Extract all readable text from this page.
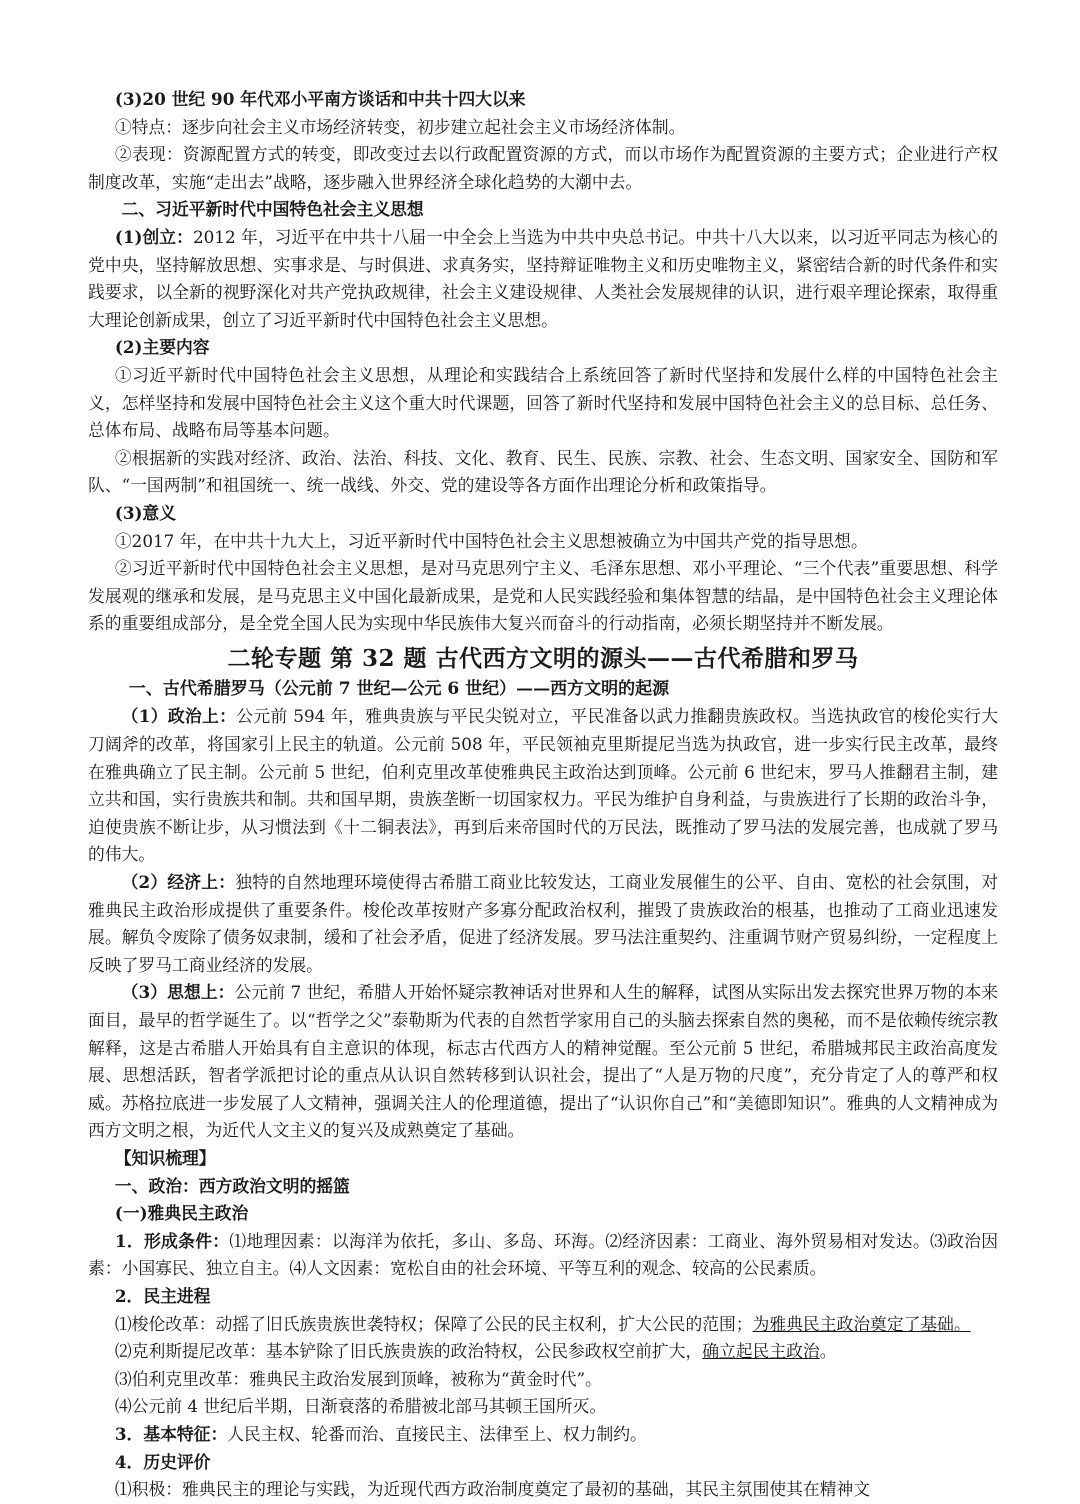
(3)20 世纪 90 年代邓小平南方谈话和中共十四大以来

①特点：逐步向社会主义市场经济转变，初步建立起社会主义市场经济体制。

②表现：资源配置方式的转变，即改变过去以行政配置资源的方式，而以市场作为配置资源的主要方式；企业进行产权制度改革，实施“走出去”战略，逐步融入世界经济全球化趋势的大潮中去。

二、习近平新时代中国特色社会主义思想

(1)创立：2012 年，习近平在中共十八届一中全会上当选为中共中央总书记。中共十八大以来，以习近平同志为核心的党中央，坚持解放思想、实事求是、与时俱进、求真务实，坚持辩证唯物主义和历史唯物主义，紧密结合新的时代条件和实践要求，以全新的视野深化对共产党执政规律，社会主义建设规律、人类社会发展规律的认识，进行艰辛理论探索，取得重大理论创新成果，创立了习近平新时代中国特色社会主义思想。

(2)主要内容

①习近平新时代中国特色社会主义思想，从理论和实践结合上系统回答了新时代坚持和发展什么样的中国特色社会主义，怎样坚持和发展中国特色社会主义这个重大时代课题，回答了新时代坚持和发展中国特色社会主义的总目标、总任务、总体布局、战略布局等基本问题。

②根据新的实践对经济、政治、法治、科技、文化、教育、民生、民族、宗教、社会、生态文明、国家安全、国防和军队、“一国两制”和祖国统一、统一战线、外交、党的建设等各方面作出理论分析和政策指导。

(3)意义

①2017 年，在中共十九大上，习近平新时代中国特色社会主义思想被确立为中国共产党的指导思想。

②习近平新时代中国特色社会主义思想，是对马克思列宁主义、毛泽东思想、邓小平理论、“三个代表”重要思想、科学发展观的继承和发展，是马克思主义中国化最新成果，是党和人民实践经验和集体智慧的结晶，是中国特色社会主义理论体系的重要组成部分，是全党全国人民为实现中华民族伟大复兴而奋斗的行动指南，必须长期坚持并不断发展。

二轮专题 第 32 题 古代西方文明的源头——古代希腊和罗马

一、古代希腊罗马（公元前 7 世纪—公元 6 世纪）——西方文明的起源

（1）政治上：公元前 594 年，雅典贵族与平民尖锐对立，平民准备以武力推翻贵族政权。当选执政官的梭伦实行大刀阔斧的改革，将国家引上民主的轨道。公元前 508 年，平民领袖克里斯提尼当选为执政官，进一步实行民主改革，最终在雅典确立了民主制。公元前 5 世纪，伯利克里改革使雅典民主政治达到顶峰。公元前 6 世纪末，罗马人推翻君主制，建立共和国，实行贵族共和制。共和国早期，贵族垄断一切国家权力。平民为维护自身利益，与贵族进行了长期的政治斗争，迫使贵族不断让步，从习惯法到《十二铜表法》，再到后来帝国时代的万民法，既推动了罗马法的发展完善，也成就了罗马的伟大。

（2）经济上：独特的自然地理环境使得古希腊工商业比较发达，工商业发展催生的公平、自由、宽松的社会氛围，对雅典民主政治形成提供了重要条件。梭伦改革按财产多寡分配政治权利，摧毁了贵族政治的根基，也推动了工商业迅速发展。解负令废除了债务奴隶制，缓和了社会矛盾，促进了经济发展。罗马法注重契约、注重调节财产贸易纠纷，一定程度上反映了罗马工商业经济的发展。

（3）思想上：公元前 7 世纪，希腊人开始怀疑宗教神话对世界和人生的解释，试图从实际出发去探究世界万物的本来面目，最早的哲学诞生了。以“哲学之父”泰勒斯为代表的自然哲学家用自己的头脑去探索自然的奥秘，而不是依赖传统宗教解释，这是古希腊人开始具有自主意识的体现，标志古代西方人的精神觉醒。至公元前 5 世纪，希腊城邦民主政治高度发展、思想活跃，智者学派把讨论的重点从认识自然转移到认识社会，提出了“人是万物的尺度”，充分肯定了人的尊严和权威。苏格拉底进一步发展了人文精神，强调关注人的伦理道德，提出了“认识你自己”和“美德即知识”。雅典的人文精神成为西方文明之根，为近代人文主义的复兴及成熟奠定了基础。

【知识梳理】

一、政治：西方政治文明的摇篮

(一)雅典民主政治

1．形成条件：⑴地理因素：以海洋为依托，多山、多岛、环海。⑵经济因素：工商业、海外贸易相对发达。⑶政治因素：小国寡民、独立自主。⑷人文因素：宽松自由的社会环境、平等互利的观念、较高的公民素质。

2．民主进程

⑴梭伦改革：动摇了旧氏族贵族世袭特权；保障了公民的民主权利，扩大公民的范围；为雅典民主政治奠定了基础。

⑵克利斯提尼改革：基本铲除了旧氏族贵族的政治特权，公民参政权空前扩大，确立起民主政治。

⑶伯利克里改革：雅典民主政治发展到顶峰，被称为“黄金时代”。

⑷公元前 4 世纪后半期，日渐衰落的希腊被北部马其顿王国所灭。

3．基本特征：人民主权、轮番而治、直接民主、法律至上、权力制约。

4．历史评价

⑴积极：雅典民主的理论与实践，为近现代西方政治制度奠定了最初的基础，其民主氛围使其在精神文
